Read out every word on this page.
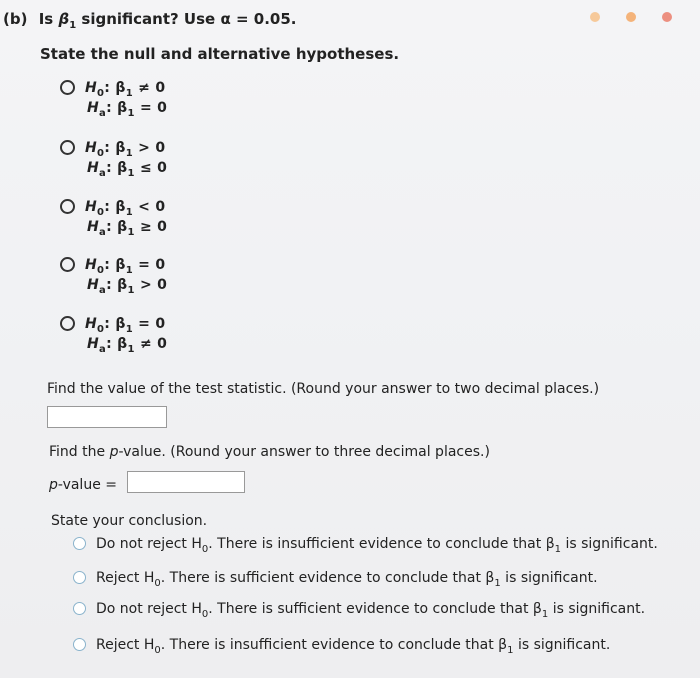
(b) Is $\beta_1$ significant? Use α = 0.05.
State the null and alternative hypotheses.
$H_0$: $\beta_1 \ne 0$
$H_a$: $\beta_1 = 0$
$H_0$: $\beta_1 > 0$
$H_a$: $\beta_1 \le 0$
$H_0$: $\beta_1 < 0$
$H_a$: $\beta_1 \ge 0$
$H_0$: $\beta_1 = 0$
$H_a$: $\beta_1 > 0$
$H_0$: $\beta_1 = 0$
$H_a$: $\beta_1 \ne 0$
Find the value of the test statistic. (Round your answer to two decimal places.)
Find the p-value. (Round your answer to three decimal places.)
p-value =
State your conclusion.
Do not reject $H_0$. There is insufficient evidence to conclude that $\beta_1$ is significant.
Reject $H_0$. There is sufficient evidence to conclude that $\beta_1$ is significant.
Do not reject $H_0$. There is sufficient evidence to conclude that $\beta_1$ is significant.
Reject $H_0$. There is insufficient evidence to conclude that $\beta_1$ is significant.
